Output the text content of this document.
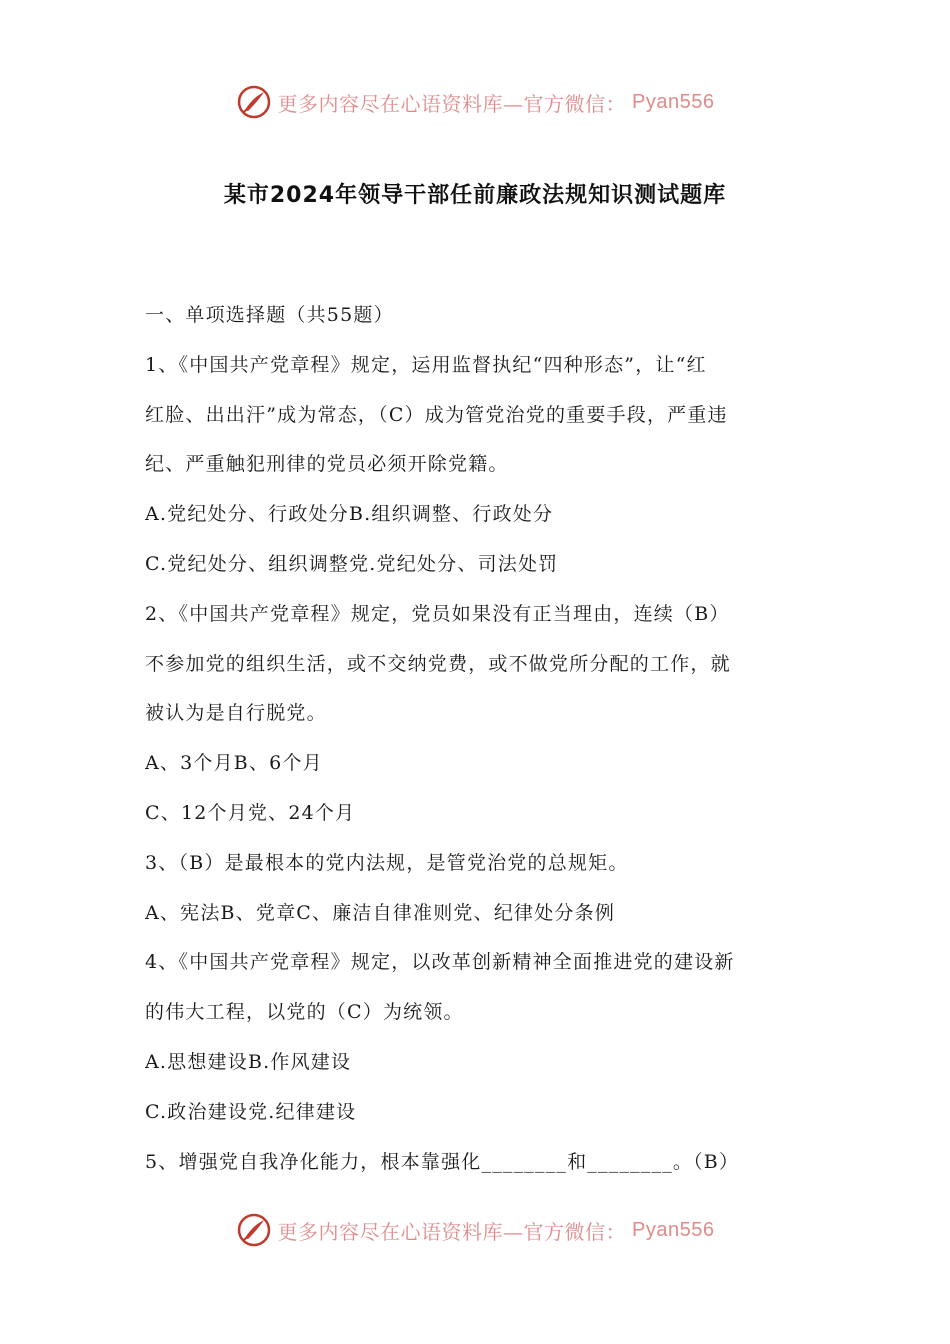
更多内容尽在心语资料库—官方微信： Pyan556
某市2024年领导干部任前廉政法规知识测试题库
一、单项选择题（共55题）
1、《中国共产党章程》规定，运用监督执纪“四种形态”，让“红
红脸、出出汗”成为常态，（C）成为管党治党的重要手段，严重违
纪、严重触犯刑律的党员必须开除党籍。
A.党纪处分、行政处分B.组织调整、行政处分
C.党纪处分、组织调整党.党纪处分、司法处罚
2、《中国共产党章程》规定，党员如果没有正当理由，连续（B）
不参加党的组织生活，或不交纳党费，或不做党所分配的工作，就
被认为是自行脱党。
A、3个月B、6个月
C、12个月党、24个月
3、（B）是最根本的党内法规，是管党治党的总规矩。
A、宪法B、党章C、廉洁自律准则党、纪律处分条例
4、《中国共产党章程》规定，以改革创新精神全面推进党的建设新
的伟大工程，以党的（C）为统领。
A.思想建设B.作风建设
C.政治建设党.纪律建设
5、增强党自我净化能力，根本靠强化________和________。（B）
更多内容尽在心语资料库—官方微信： Pyan556
